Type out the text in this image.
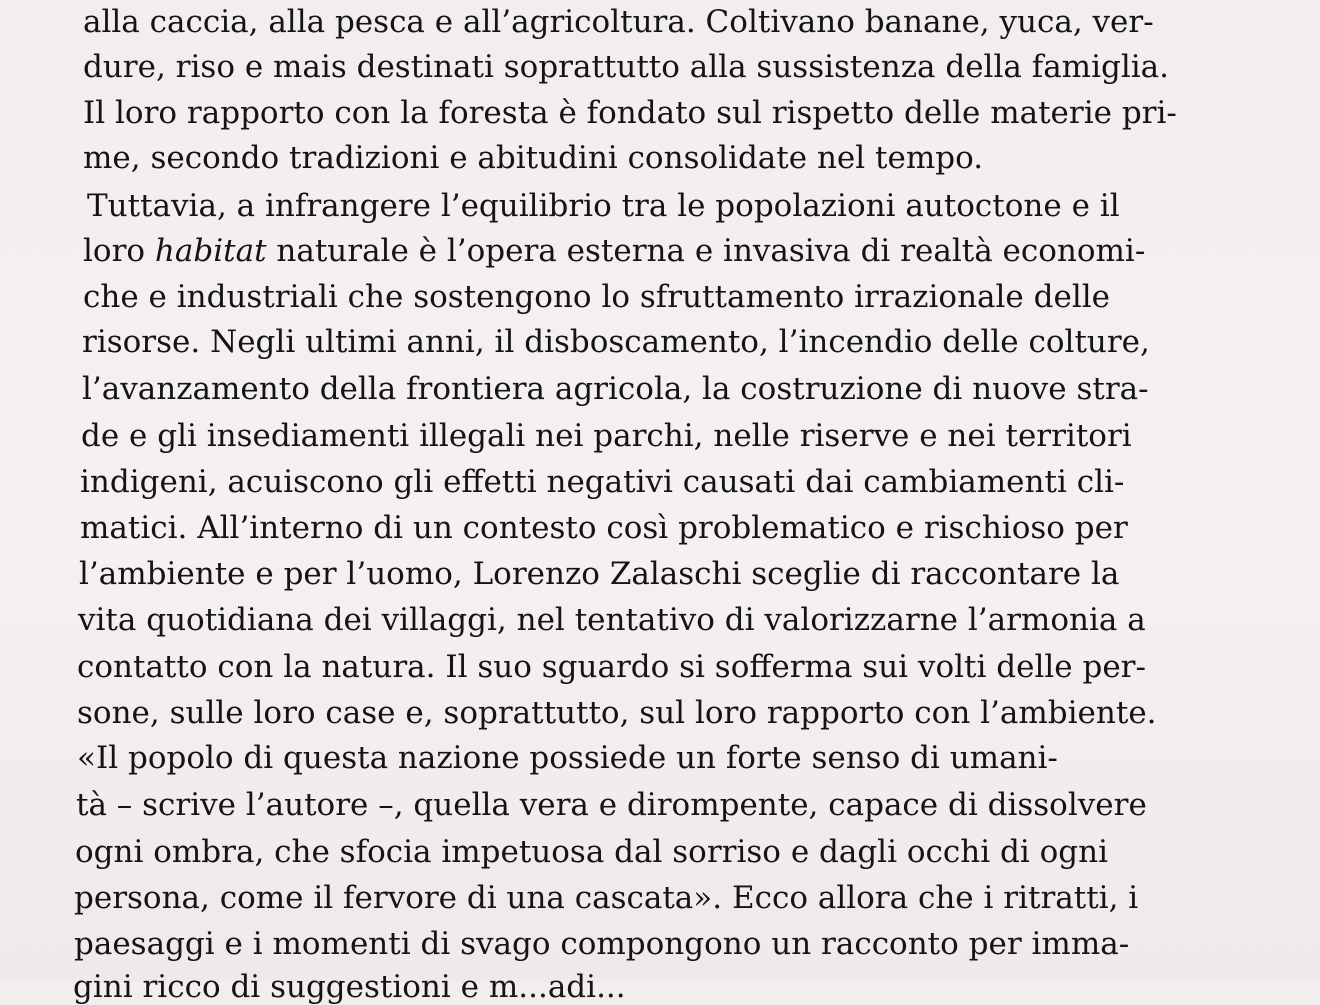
alla caccia, alla pesca e all’agricoltura. Coltivano banane, yuca, ver-
dure, riso e mais destinati soprattutto alla sussistenza della famiglia.
Il loro rapporto con la foresta è fondato sul rispetto delle materie pri-
me, secondo tradizioni e abitudini consolidate nel tempo.
Tuttavia, a infrangere l’equilibrio tra le popolazioni autoctone e il
loro habitat naturale è l’opera esterna e invasiva di realtà economi-
che e industriali che sostengono lo sfruttamento irrazionale delle
risorse. Negli ultimi anni, il disboscamento, l’incendio delle colture,
l’avanzamento della frontiera agricola, la costruzione di nuove stra-
de e gli insediamenti illegali nei parchi, nelle riserve e nei territori
indigeni, acuiscono gli effetti negativi causati dai cambiamenti cli-
matici. All’interno di un contesto così problematico e rischioso per
l’ambiente e per l’uomo, Lorenzo Zalaschi sceglie di raccontare la
vita quotidiana dei villaggi, nel tentativo di valorizzarne l’armonia a
contatto con la natura. Il suo sguardo si sofferma sui volti delle per-
sone, sulle loro case e, soprattutto, sul loro rapporto con l’ambiente.
«Il popolo di questa nazione possiede un forte senso di umani-
tà – scrive l’autore –, quella vera e dirompente, capace di dissolvere
ogni ombra, che sfocia impetuosa dal sorriso e dagli occhi di ogni
persona, come il fervore di una cascata». Ecco allora che i ritratti, i
paesaggi e i momenti di svago compongono un racconto per imma-
gini ricco di suggestioni e m...adi...
